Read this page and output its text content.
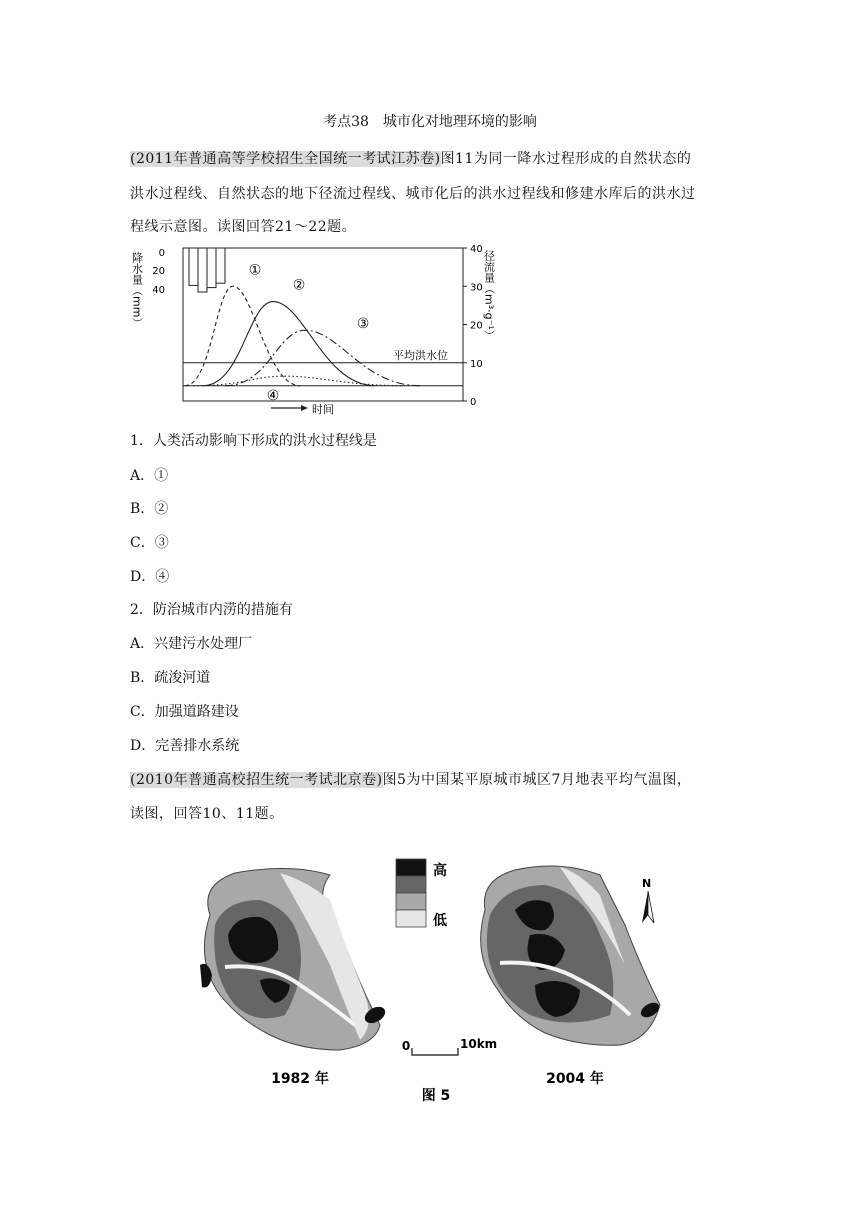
考点38　城市化对地理环境的影响
(2011年普通高等学校招生全国统一考试江苏卷)图11为同一降水过程形成的自然状态的
洪水过程线、自然状态的地下径流过程线、城市化后的洪水过程线和修建水库后的洪水过
程线示意图。读图回答21～22题。
降水量（mm） 0
20
40
平均洪水位
0
10
20
30
40
径流量（m³·g⁻¹）
时间
①
②
③
④
1．人类活动影响下形成的洪水过程线是
A．①
B．②
C．③
D．④
2．防治城市内涝的措施有
A．兴建污水处理厂
B．疏浚河道
C．加强道路建设
D．完善排水系统
(2010年普通高校招生统一考试北京卷)图5为中国某平原城市城区7月地表平均气温图，
读图，回答10、11题。
高
低
N
0	10km
1982 年	2004 年
图 5
